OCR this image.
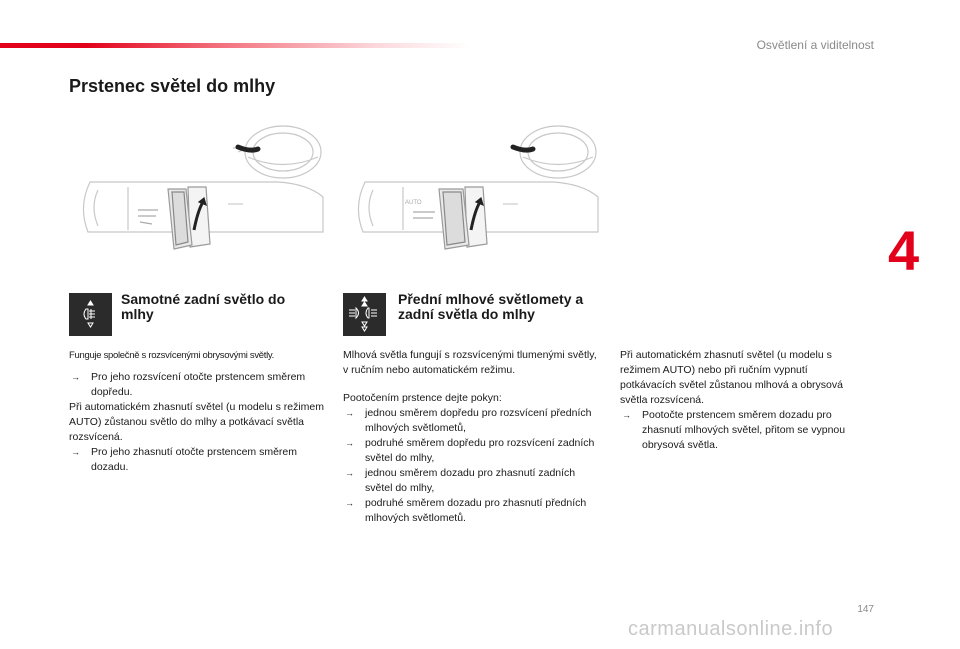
Osvětlení a viditelnost
4
Prstenec světel do mlhy
AUTO
Samotné zadní světlo do mlhy
Přední mlhové světlomety a zadní světla do mlhy
Funguje společně s rozsvícenými obrysovými světly.

→ Pro jeho rozsvícení otočte prstencem směrem dopředu.

Při automatickém zhasnutí světel (u modelu s režimem AUTO) zůstanou světlo do mlhy a potkávací světla rozsvícená.

→ Pro jeho zhasnutí otočte prstencem směrem dozadu.

Mlhová světla fungují s rozsvícenými tlumenými světly, v ručním nebo automatickém režimu.

Pootočením prstence dejte pokyn:

→ jednou směrem dopředu pro rozsvícení předních mlhových světlometů,

→ podruhé směrem dopředu pro rozsvícení zadních světel do mlhy,

→ jednou směrem dozadu pro zhasnutí zadních světel do mlhy,

→ podruhé směrem dozadu pro zhasnutí předních mlhových světlometů.

Při automatickém zhasnutí světel (u modelu s režimem AUTO) nebo při ručním vypnutí potkávacích světel zůstanou mlhová a obrysová světla rozsvícená.

→ Pootočte prstencem směrem dozadu pro zhasnutí mlhových světel, přitom se vypnou obrysová světla.

147
carmanualsonline.info
